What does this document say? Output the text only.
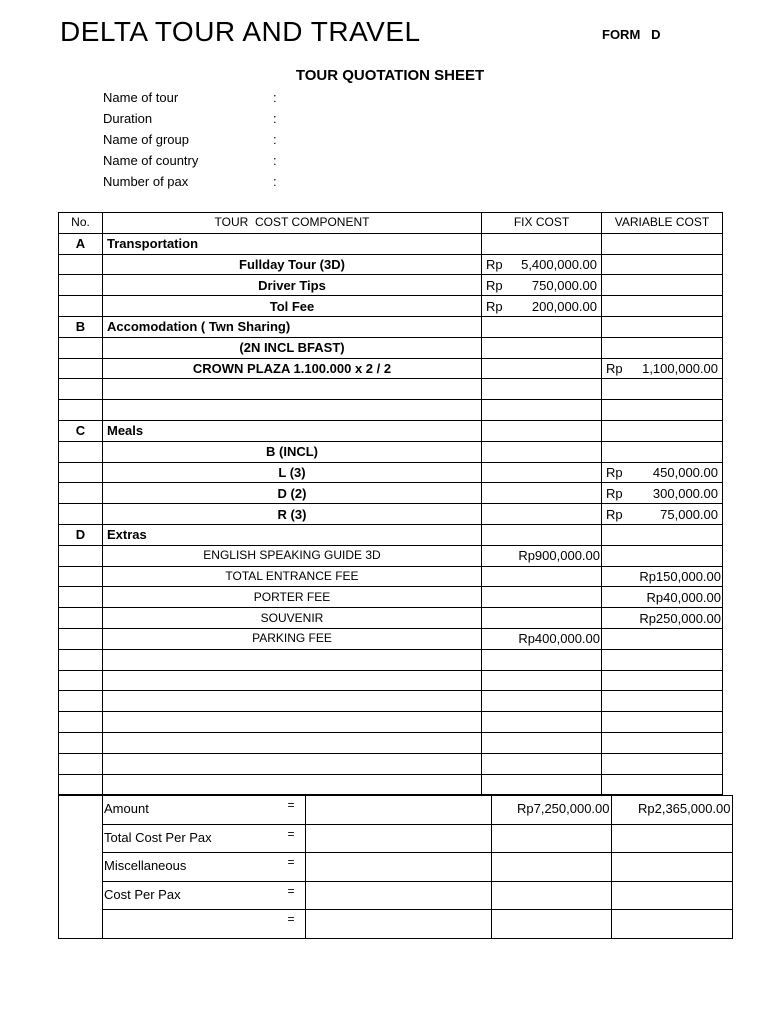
DELTA TOUR AND TRAVEL	FORM   D
TOUR QUOTATION SHEET
Name of tour	:
Duration	:
Name of group	:
Name of country	:
Number of pax	:
No.	TOUR  COST COMPONENT	FIX COST	VARIABLE COST
A	Transportation		
	Fullday Tour (3D)	Rp 5,400,000.00	

	Driver Tips	Rp 750,000.00	

	Tol Fee	Rp 200,000.00	

B	Accomodation ( Twn Sharing)		
	(2N INCL BFAST)		
	CROWN PLAZA 1.100.000 x 2 / 2		Rp 1,100,000.00

C	Meals		
	B (INCL)		
	L (3)		Rp 450,000.00

	D (2)		Rp 300,000.00

	R (3)		Rp 75,000.00

D	Extras		
	ENGLISH SPEAKING GUIDE 3D	Rp900,000.00	
	TOTAL ENTRANCE FEE		Rp150,000.00
	PORTER FEE		Rp40,000.00
	SOUVENIR		Rp250,000.00
	PARKING FEE	Rp400,000.00	

	Amount	=		Rp7,250,000.00	Rp2,365,000.00

	Total Cost Per Pax	=			

	Miscellaneous	=			

	Cost Per Pax	=			

		=			
